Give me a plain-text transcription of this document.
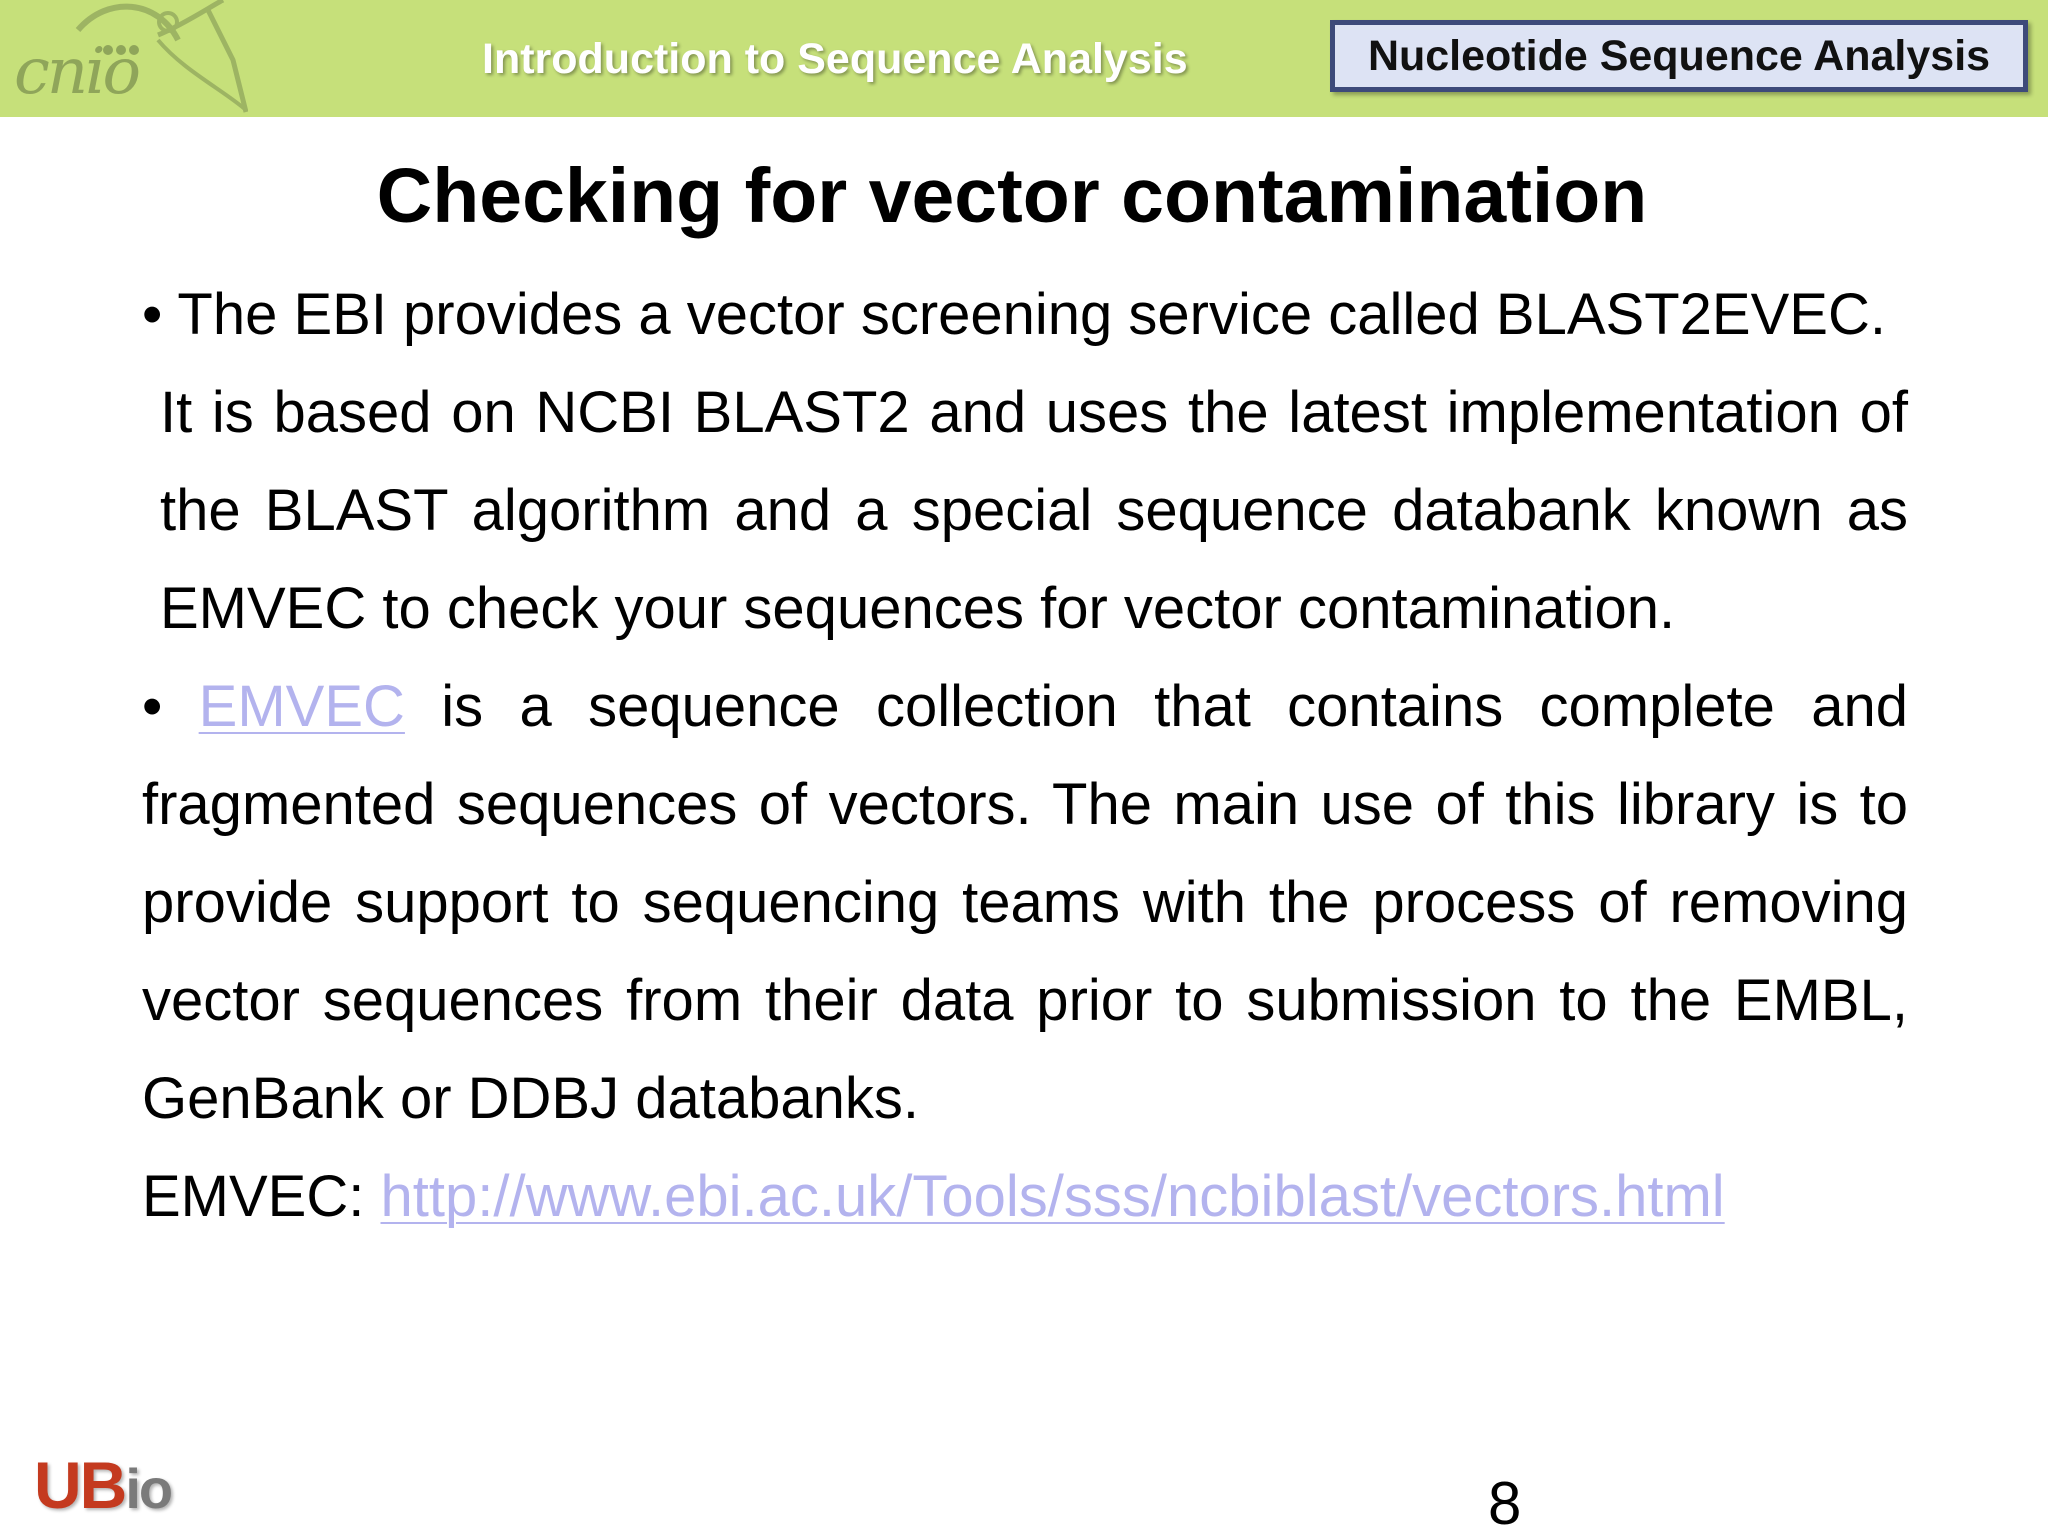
cnio	Introduction to Sequence Analysis	Nucleotide Sequence Analysis
Checking for vector contamination

• The EBI provides a vector screening service called BLAST2EVEC.

It is based on NCBI BLAST2 and uses the latest implementation of the BLAST algorithm and a special sequence databank known as EMVEC to check your sequences for vector contamination.

• EMVEC is a sequence collection that contains complete and fragmented sequences of vectors. The main use of this library is to provide support to sequencing teams with the process of removing vector sequences from their data prior to submission to the EMBL, GenBank or DDBJ databanks.

EMVEC: http://www.ebi.ac.uk/Tools/sss/ncbiblast/vectors.html

UBio	8
